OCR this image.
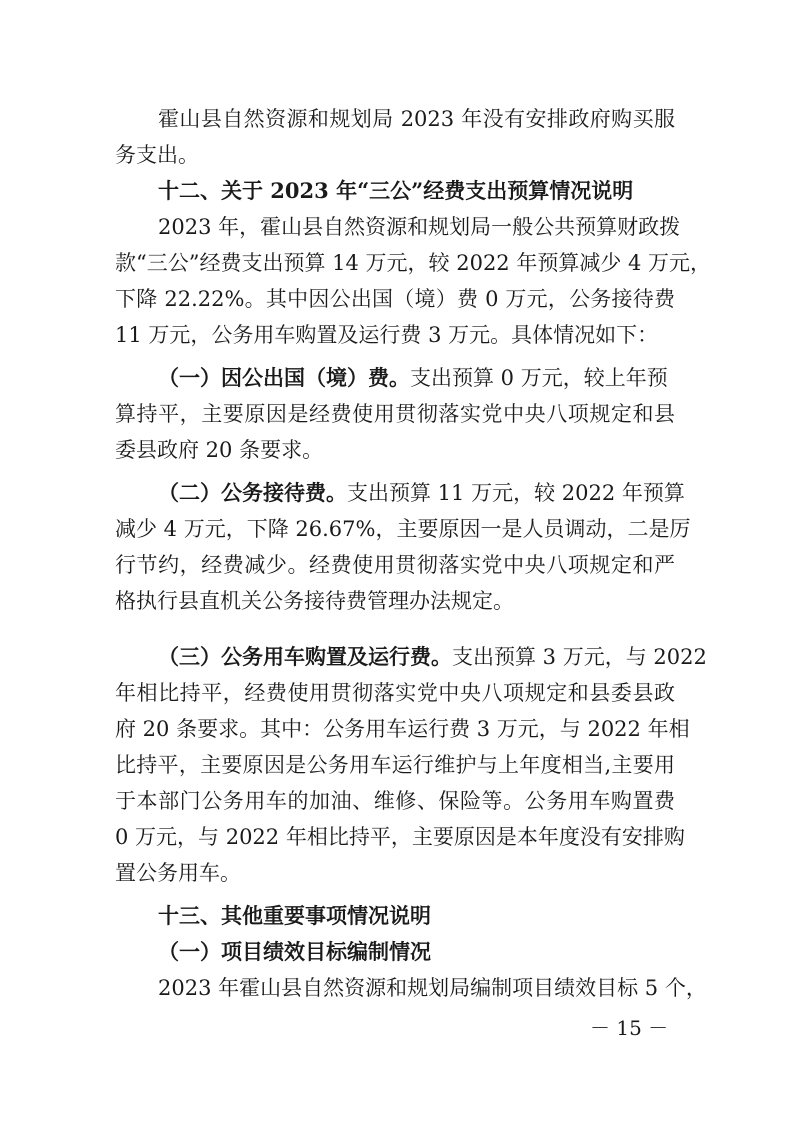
霍山县自然资源和规划局 2023 年没有安排政府购买服
务支出。
十二、关于 2023 年“三公”经费支出预算情况说明
2023 年，霍山县自然资源和规划局一般公共预算财政拨
款“三公”经费支出预算 14 万元，较 2022 年预算减少 4 万元，
下降 22.22%。其中因公出国（境）费 0 万元，公务接待费
11 万元，公务用车购置及运行费 3 万元。具体情况如下：
（一）因公出国（境）费。支出预算 0 万元，较上年预
算持平，主要原因是经费使用贯彻落实党中央八项规定和县
委县政府 20 条要求。
（二）公务接待费。支出预算 11 万元，较 2022 年预算
减少 4 万元，下降 26.67%，主要原因一是人员调动，二是厉
行节约，经费减少。经费使用贯彻落实党中央八项规定和严
格执行县直机关公务接待费管理办法规定。
（三）公务用车购置及运行费。支出预算 3 万元，与 2022
年相比持平，经费使用贯彻落实党中央八项规定和县委县政
府 20 条要求。其中：公务用车运行费 3 万元，与 2022 年相
比持平，主要原因是公务用车运行维护与上年度相当,主要用
于本部门公务用车的加油、维修、保险等。公务用车购置费
0 万元，与 2022 年相比持平，主要原因是本年度没有安排购
置公务用车。
十三、其他重要事项情况说明
（一）项目绩效目标编制情况
2023 年霍山县自然资源和规划局编制项目绩效目标 5 个，
－ 15 －
